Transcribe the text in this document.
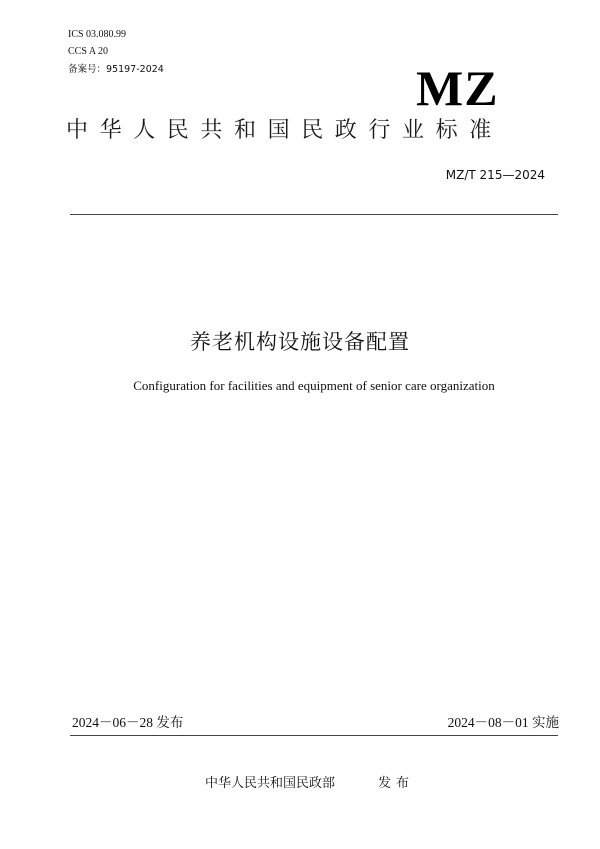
ICS 03.080.99
CCS A 20
备案号：95197-2024	MZ
中华人民共和国民政行业标准
MZ/T 215—2024
养老机构设施设备配置
Configuration for facilities and equipment of senior care organization
2024－06－28 发布	2024－08－01 实施
中华人民共和国民政部	发布
